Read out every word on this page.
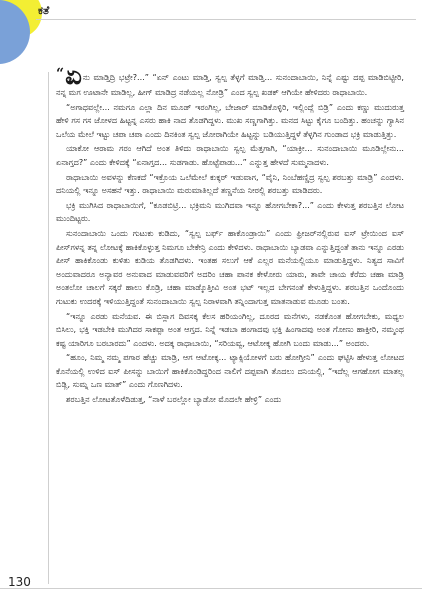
ಕತೆ

“ಏನು ಮಾಡ್ತಿದ್ರಿ ಭಟ್ರೇ?...” “ಏನ್ ಎಂಟು ಮಾಡ್ತಿ, ಸ್ವಲ್ಪ ತೆಳ್ಳಗೆ ಮಾಡ್ತಿ... ಸುನಂದಾಬಾಯಿ, ನಿನ್ನೆ ಎಷ್ಟು ದಪ್ಪ ಮಾಡಿಬಿಟ್ಟೀರಿ, ನನ್ನ ಮಗ ಊಟಾನೇ ಮಾಡಿಲ್ಲ, ಹೀಗ್ ಮಾಡಿದ್ರ ನಡೆಯಲ್ಲ ನೋಡ್ರಿ” ಎಂದ ಸ್ವಲ್ಪ ಖಡಕ್ ಆಗಿಯೇ ಹೇಳಿದರು ರಾಧಾಬಾಯಿ.

“ಅಗಾಧವಲ್ಲೇ... ನಮಗೂ ಎಲ್ಲಾ ದಿನ ಮೂಡ್ ಇರಂಗಿಲ್ಲ, ಬೇಜಾರ್ ಮಾಡಿಕೊಳ್ಳಿರಿ, ಇಲ್ಲಿಂದ್ಲೆ ಬಿಡ್ರಿ” ಎಂದು ಕಣ್ಣು ಮುದುರುತ್ತ ಹೇಳಿ ಗಸ ಗಸ ಜೋಳದ ಹಿಟ್ಟನ್ನ ಎಸರು ಹಾಕಿ ನಾದ ತೊಡಗಿದ್ದಳು. ಮುಖ ಸಣ್ಣಗಾಗಿತ್ತು. ಮನದ ಸಿಟ್ಟು ಕೈಗೂ ಬಂದಿತ್ತು. ಹಂಚನ್ನು ಗ್ಯಾಸಿನ ಒಲೆಯ ಮೇಲೆ ಇಟ್ಟು ಚಪಾ ಚಪಾ ಎಂದು ದಿನಕಿಂತ ಸ್ವಲ್ಪ ಜೋರಾಗಿಯೇ ಹಿಟ್ಟನ್ನು ಬಡಿಯುತ್ತಿದ್ದಳೆ ತೆಳ್ಳಗಿನ ಗುಂಡಾದ ಭಕ್ರಿ ಮಾಡುತ್ತಿತ್ತು.

ಯಾಕೋ ಆರಾಮ ಗರಂ ಆಗಿದೆ ಅಂತ ತಿಳಿದು ರಾಧಾಬಾಯಿ ಸ್ವಲ್ಪ ಮೆತ್ತಗಾಗಿ, “ಯಾಕ್ರೀ... ಸುನಂದಾಬಾಯಿ ಮೂಡಿಲ್ಲೇನು... ಏನಾಗ್ತದ?” ಎಂದು ಕೇಳಿದಕ್ಕೆ “ಏನಾಗ್ತದ... ಸುಡಗಾಡು. ಹೊಟ್ಟೆಪಾಡು...” ಎನ್ನುತ್ತ ಹೇಳದೆ ಸುಮ್ಮನಾದಳು.

ರಾಧಾಬಾಯಿ ಅವಳನ್ನು ಕೆಣಕದೆ “ಇಕ್ರೊಯ ಒಲೆಮೇಲೆ ಕುಕ್ಕರ್ ಇಡುವಾಗ, “ವೈನಿ, ನಿಂಬೆಹಣ್ಣಿದ್ರ ಸ್ವಲ್ಪ ಶರಬತ್ತು ಮಾಡ್ರಿ” ಎಂದಳು. ದನಿಯಲ್ಲಿ ಇನ್ನೂ ಅಸಹನೆ ಇತ್ತು. ರಾಧಾಬಾಯಿ ಮರುಮಾತಿಲ್ಲದೆ ತಣ್ಣನೆಯ ನೀರಲ್ಲಿ ಶರಬತ್ತು ಮಾಡಿದರು.

ಭಕ್ರಿ ಮುಗಿಸಿದ ರಾಧಾಬಾಯಿಗೆ, “ಕೂಡಬಿಟ್ರಿ... ಭಕ್ರಿಮನಿ ಮುಗಿದವಾ ಇನ್ನೂ ಹೋಗಬೇಕಾ?...” ಎಂದು ಕೇಳುತ್ತ ಶರಬತ್ತಿನ ಲೋಟ ಮುಂದಿಟ್ಟರು.

ಸುನಂದಾಬಾಯಿ ಒಂದು ಗುಟುಕು ಕುಡಿದು, “ಸ್ವಲ್ಪ ಬರ್ಫ್ ಹಾಕೊಂಡ್ರಾಯಿ” ಎಂದು ಫ್ರೀಜರ್‌ನಲ್ಲಿರುವ ಐಸ್ ಟ್ರೇಯಿಂದ ಐಸ್ ಪೀಸ್‌ಗಳನ್ನ ತನ್ನ ಲೋಟಕ್ಕೆ ಹಾಕಿಕೊಳ್ಳುತ್ತ ನಿಮಗೂ ಬೇಕೇನ್ರಿ ಎಂದು ಕೇಳಿದಳು. ರಾಧಾಬಾಯಿ ಬ್ಯಾಡವಾ ಎನ್ನುತ್ತಿದ್ದಂತೆ ತಾನು ಇನ್ನೂ ಎರಡು ಪೀಸ್ ಹಾಕಿಕೊಂಡು ಕುಳಿತು ಕುಡಿಯ ತೊಡಗಿದಳು. ಇಂತಹ ಸಲುಗೆ ಆಕೆ ಎಲ್ಲರ ಮನೆಯಲ್ಲಿಯೂ ಮಾಡುತ್ತಿದ್ದಳು. ನಿತ್ಯದ ಸಾವಿಗೆ ಅಂದುವಾದರೂ ಅನ್ಯಾವರ ಅನುವಾದ ಮಾಡುವವರಿಗೆ ಅದರಿಂ ಚಹಾ ಪಾನಕ ಕೇಳೋರು ಯಾರು, ತಾವೇ ಚಾಯ ಕೆರೆದು ಚಹಾ ಮಾಡ್ರಿ ಅಂತಲೋ ಚಾಲಗೆ ಸಕ್ಕರೆ ಹಾಲು ಕೊಡ್ರಿ, ಚಹಾ ಮಾಡ್ಕೊತ್ತೀವಿ ಅಂತ ಭಟ್ ಇಲ್ಲದ ಬೇಗನಂತೆ ಕೇಳುತ್ತಿದ್ದಳು. ಶರಬತ್ತಿನ ಒಂದೊಂದು ಗುಟುಕು ಉದರಕ್ಕೆ ಇಳಿಯುತ್ತಿದ್ದಂತೆ ಸುನಂದಾಬಾಯಿ ಸ್ವಲ್ಪ ನಿರಾಳವಾಗಿ ತನ್ನಿಂದಾಗುತ್ತ ಮಾತನಾಡುವ ಮೂಡು ಬಂತು.

“ಇನ್ನೂ ಎರಡು ಮನೆಯವ. ಈ ಬಿಸ್ಲಾಗ ದಿವಸಕ್ಕ ಕೆಲಸ ಹರಿಯಂಗಿಲ್ಲ, ದೂರದ ಮನೆಗಳು, ನಡಕೊಂತ ಹೋಗಬೇಕು, ಮಧ್ಯಲ ಬಿಸಿಲು, ಭಕ್ತಿ ಇಡಬೇಕಿ ಮುಗಿದರ ಸಾಕಪ್ಪಾ ಅಂತ ಆಗ್ತದ. ನಿನ್ನೆ ಇಡಬಾ ಹಂಗಾದವು ಭಕ್ತಿ ಹಿಂಗಾದವು ಅಂತ ಗೋಣು ಹಾಕ್ತೀರಿ, ನಮ್ಮಂಥ ಕಷ್ಟ ಯಾರಿಗೂ ಬರಬಾರದು” ಎಂದಳು. ಅದಕ್ಕ ರಾಧಾಬಾಯಿ, “ಸರಿಯವ್ವ, ಆಟೋಕ್ಕ ಹೋಗಿ ಬಂದು ಮಾಡು...” ಅಂದರು.

“ಹೂಂ, ನಿಮ್ಮ ನಮ್ಮ ಪಗಾರ ಹೆಚ್ಚು ಮಾಡ್ರಿ, ಆಗ ಆಟೋಕ್ಕ... ಟ್ಯಾಕ್ಸಿಯೋಳಗೆ ಬರು ಹೋಗ್ತೀನಿ” ಎಂದು ಘಟ್ಟಿಸಿ ಹೇಳುತ್ತ ಲೋಟದ ಕೊನೆಯಲ್ಲಿ ಉಳಿದ ಐಸ್ ಪೀಸನ್ನು ಬಾಯಿಗೆ ಹಾಕಿಕೊಂಡಿದ್ದರಿಂದ ನಾಲಿಗೆ ದಪ್ಪವಾಗಿ ತೊದಲು ದನಿಯಲ್ಲಿ, “ಇದೆಲ್ಲ ಆಗಹೋಗ ಮಾತಲ್ಲ ಬಿಡ್ಲಿ, ಸುಮ್ನ ಒಣ ಮಾತ್” ಎಂದು ಗೊಣಗಿದಳು.

ಶರಬತ್ತಿನ ಲೋಟತೊಳೆದಿಡುತ್ತ, “ನಾಳೆ ಬರಲ್ಲೋ ಬ್ಯಾಡೋ ಮೊದಲೇ ಹೇಳ್ರಿ” ಎಂದು

130
